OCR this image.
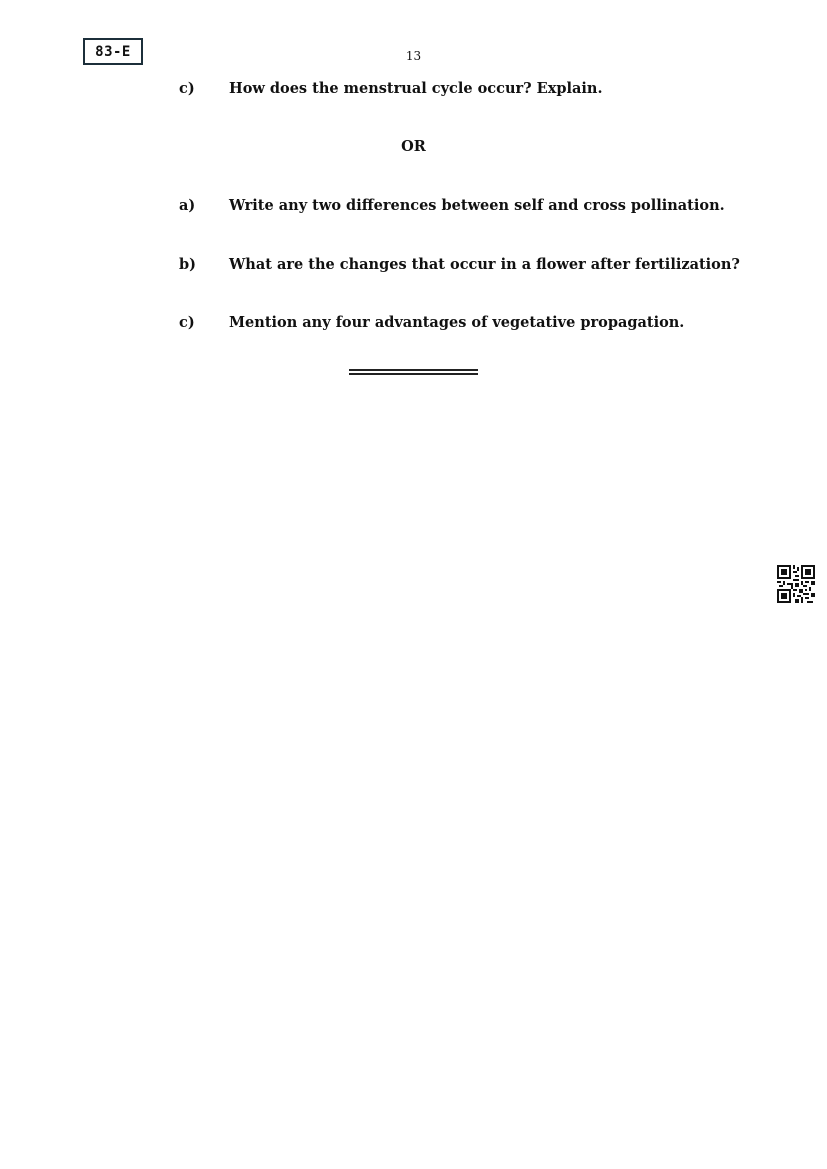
83-E	13
c) How does the menstrual cycle occur? Explain.
OR
a) Write any two differences between self and cross pollination.
b) What are the changes that occur in a flower after fertilization?
c) Mention any four advantages of vegetative propagation.
